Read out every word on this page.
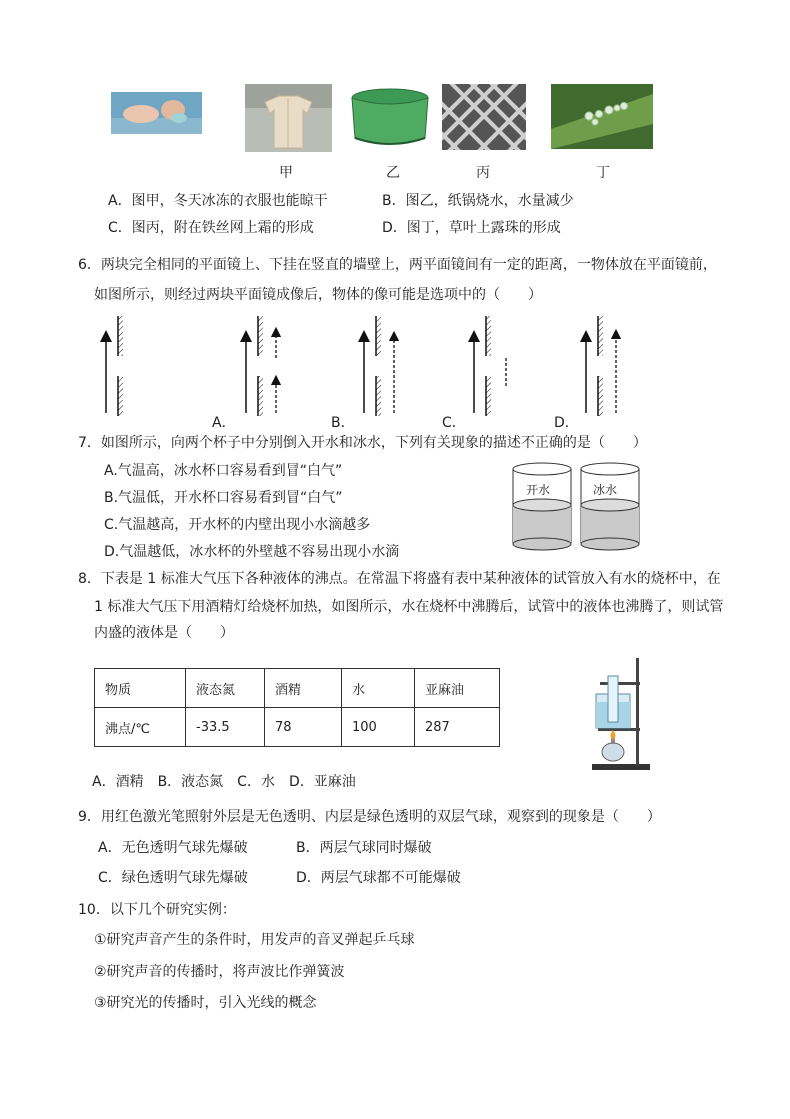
甲	乙	丙	丁
A．图甲，冬天冰冻的衣服也能晾干	B．图乙，纸锅烧水，水量减少
C．图丙，附在铁丝网上霜的形成	D．图丁，草叶上露珠的形成
6．两块完全相同的平面镜上、下挂在竖直的墙壁上，两平面镜间有一定的距离，一物体放在平面镜前，
如图所示，则经过两块平面镜成像后，物体的像可能是选项中的（　　）
A．	B．	C．	D．
7．如图所示，向两个杯子中分别倒入开水和冰水，下列有关现象的描述不正确的是（　　）
A.气温高，冰水杯口容易看到冒“白气”
B.气温低，开水杯口容易看到冒“白气”
C.气温越高，开水杯的内壁出现小水滴越多
D.气温越低，冰水杯的外壁越不容易出现小水滴
开水	冰水
8．下表是 1 标准大气压下各种液体的沸点。在常温下将盛有表中某种液体的试管放入有水的烧杯中，在
1 标准大气压下用酒精灯给烧杯加热，如图所示，水在烧杯中沸腾后，试管中的液体也沸腾了，则试管
内盛的液体是（　　）
物质	液态氮	酒精	水	亚麻油
沸点/℃	-33.5	78	100	287
A．酒精　B．液态氮　C．水　D．亚麻油
9．用红色激光笔照射外层是无色透明、内层是绿色透明的双层气球，观察到的现象是（　　）
A．无色透明气球先爆破	B．两层气球同时爆破
C．绿色透明气球先爆破	D．两层气球都不可能爆破
10．以下几个研究实例：
①研究声音产生的条件时，用发声的音叉弹起乒乓球
②研究声音的传播时，将声波比作弹簧波
③研究光的传播时，引入光线的概念
